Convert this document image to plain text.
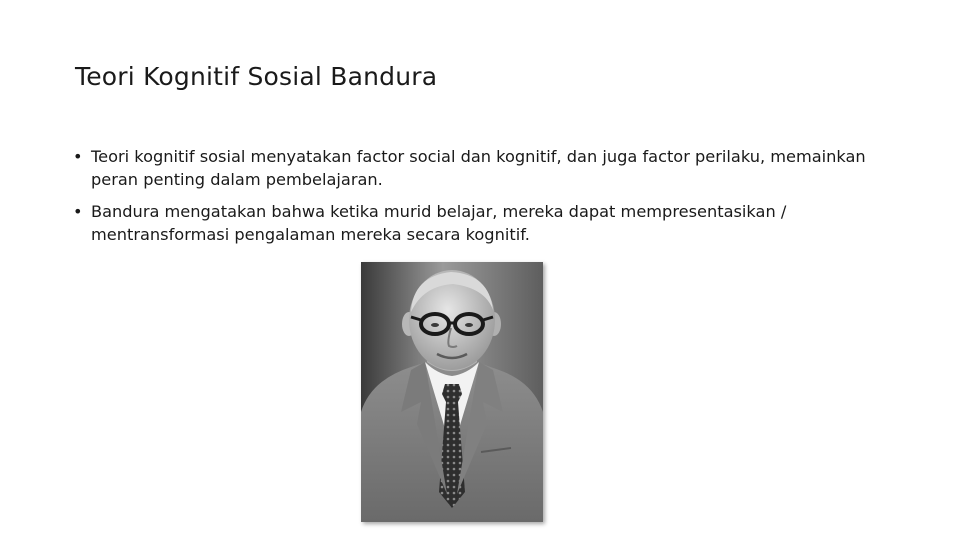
Teori Kognitif Sosial Bandura
• Teori kognitif sosial menyatakan factor social dan kognitif, dan juga factor perilaku, memainkan peran penting dalam pembelajaran.
• Bandura mengatakan bahwa ketika murid belajar, mereka dapat mempresentasikan / mentransformasi pengalaman mereka secara kognitif.
